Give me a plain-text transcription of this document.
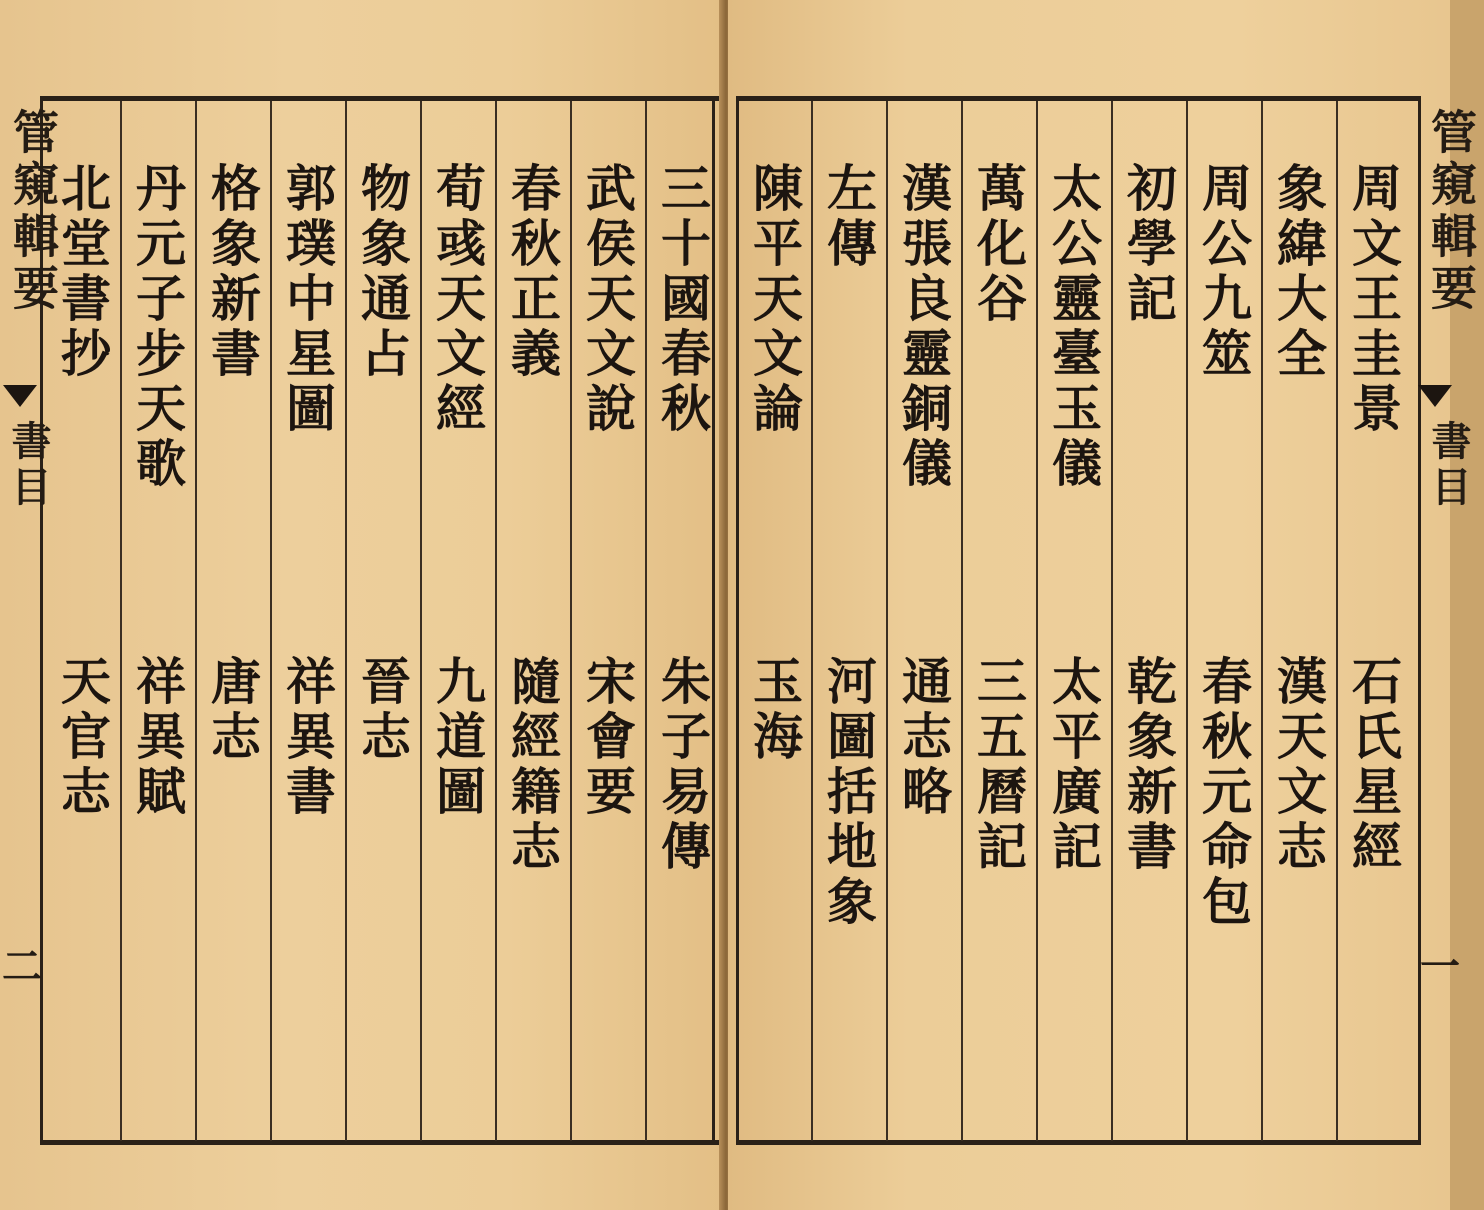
管窺輯要
書目
二
三十國春秋
朱子易傳
武侯天文說
宋會要
春秋正義
隨經籍志
荀彧天文經
九道圖
物象通占
晉志
郭璞中星圖
祥異書
格象新書
唐志
丹元子步天歌
祥異賦
北堂書抄
天官志
管窺輯要
書目
一
周文王圭景
石氏星經
象緯大全
漢天文志
周公九筮
春秋元命包
初學記
乾象新書
太公靈臺玉儀
太平廣記
萬化谷
三五曆記
漢張良靈銅儀
通志略
左傳
河圖括地象
陳平天文論
玉海
